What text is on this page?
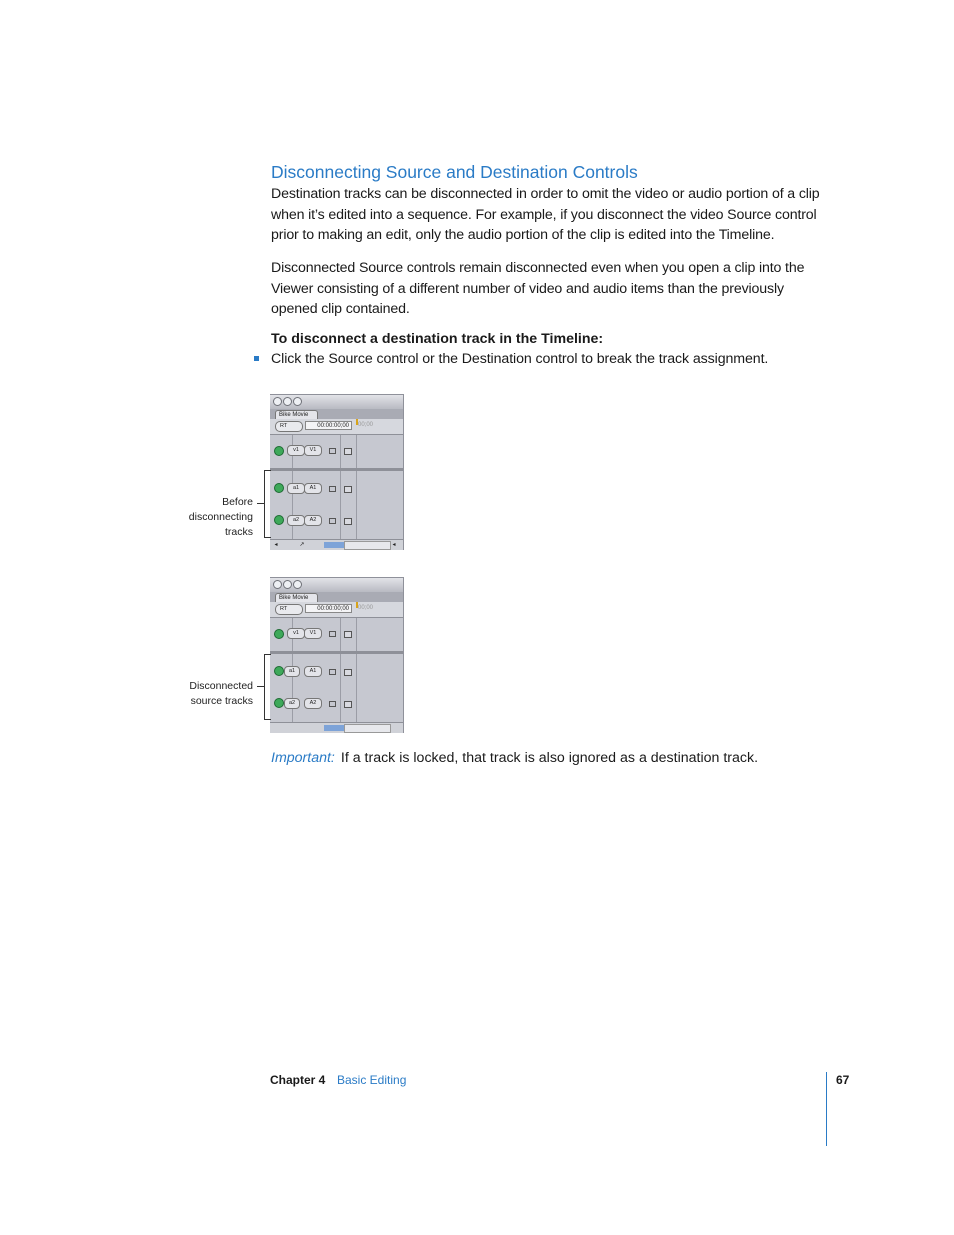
Disconnecting Source and Destination Controls
Destination tracks can be disconnected in order to omit the video or audio portion of a clip when it’s edited into a sequence. For example, if you disconnect the video Source control prior to making an edit, only the audio portion of the clip is edited into the Timeline.
Disconnected Source controls remain disconnected even when you open a clip into the Viewer consisting of a different number of video and audio items than the previously opened clip contained.
To disconnect a destination track in the Timeline:
Click the Source control or the Destination control to break the track assignment.
Bike Movie
RT	00:00:00;00	00;00
v1	V1
a1	A1
a2	A2
◂	↗	◂
Before
disconnecting
tracks
Bike Movie
RT	00:00:00;00	00;00
v1	V1
a1	A1
a2	A2
Disconnected
source tracks
Important: If a track is locked, that track is also ignored as a destination track.
Chapter 4 Basic Editing	67
